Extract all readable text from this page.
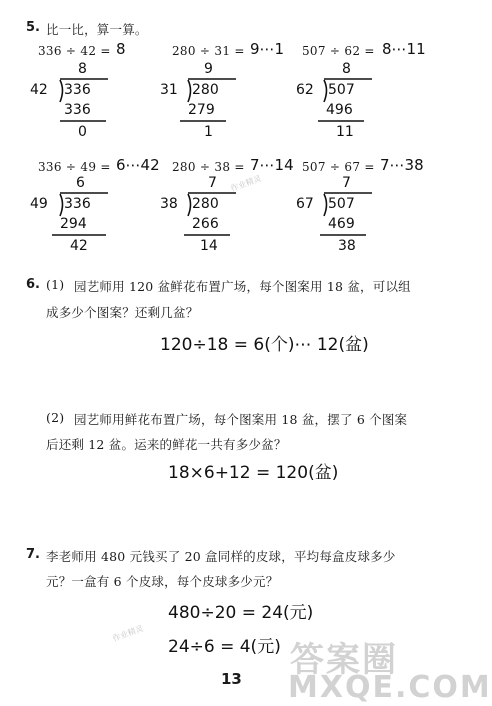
5. 比一比，算一算。
336 ÷ 42 = 8	280 ÷ 31 = 9⋯1 507 ÷ 62 = 8⋯11
8
42 336
336
0
9
31 280
279
1
8
62 507
496
11
336 ÷ 49 = 6⋯42 280 ÷ 38 = 7⋯14 507 ÷ 67 = 7⋯38
6
49 336
294
42
7
38 280
266
14
7
67 507
469
38
6. (1) 园艺师用 120 盆鲜花布置广场，每个图案用 18 盆，可以组
成多少个图案？还剩几盆？
120÷18 = 6(个)⋯ 12(盆)
(2) 园艺师用鲜花布置广场，每个图案用 18 盆，摆了 6 个图案
后还剩 12 盆。运来的鲜花一共有多少盆？
18×6+12 = 120(盆)
7. 李老师用 480 元钱买了 20 盒同样的皮球，平均每盒皮球多少
元？一盒有 6 个皮球，每个皮球多少元？
480÷20 = 24(元)
24÷6 = 4(元)
作业精灵
作业精灵
答案圈
MXQE.COM
13
